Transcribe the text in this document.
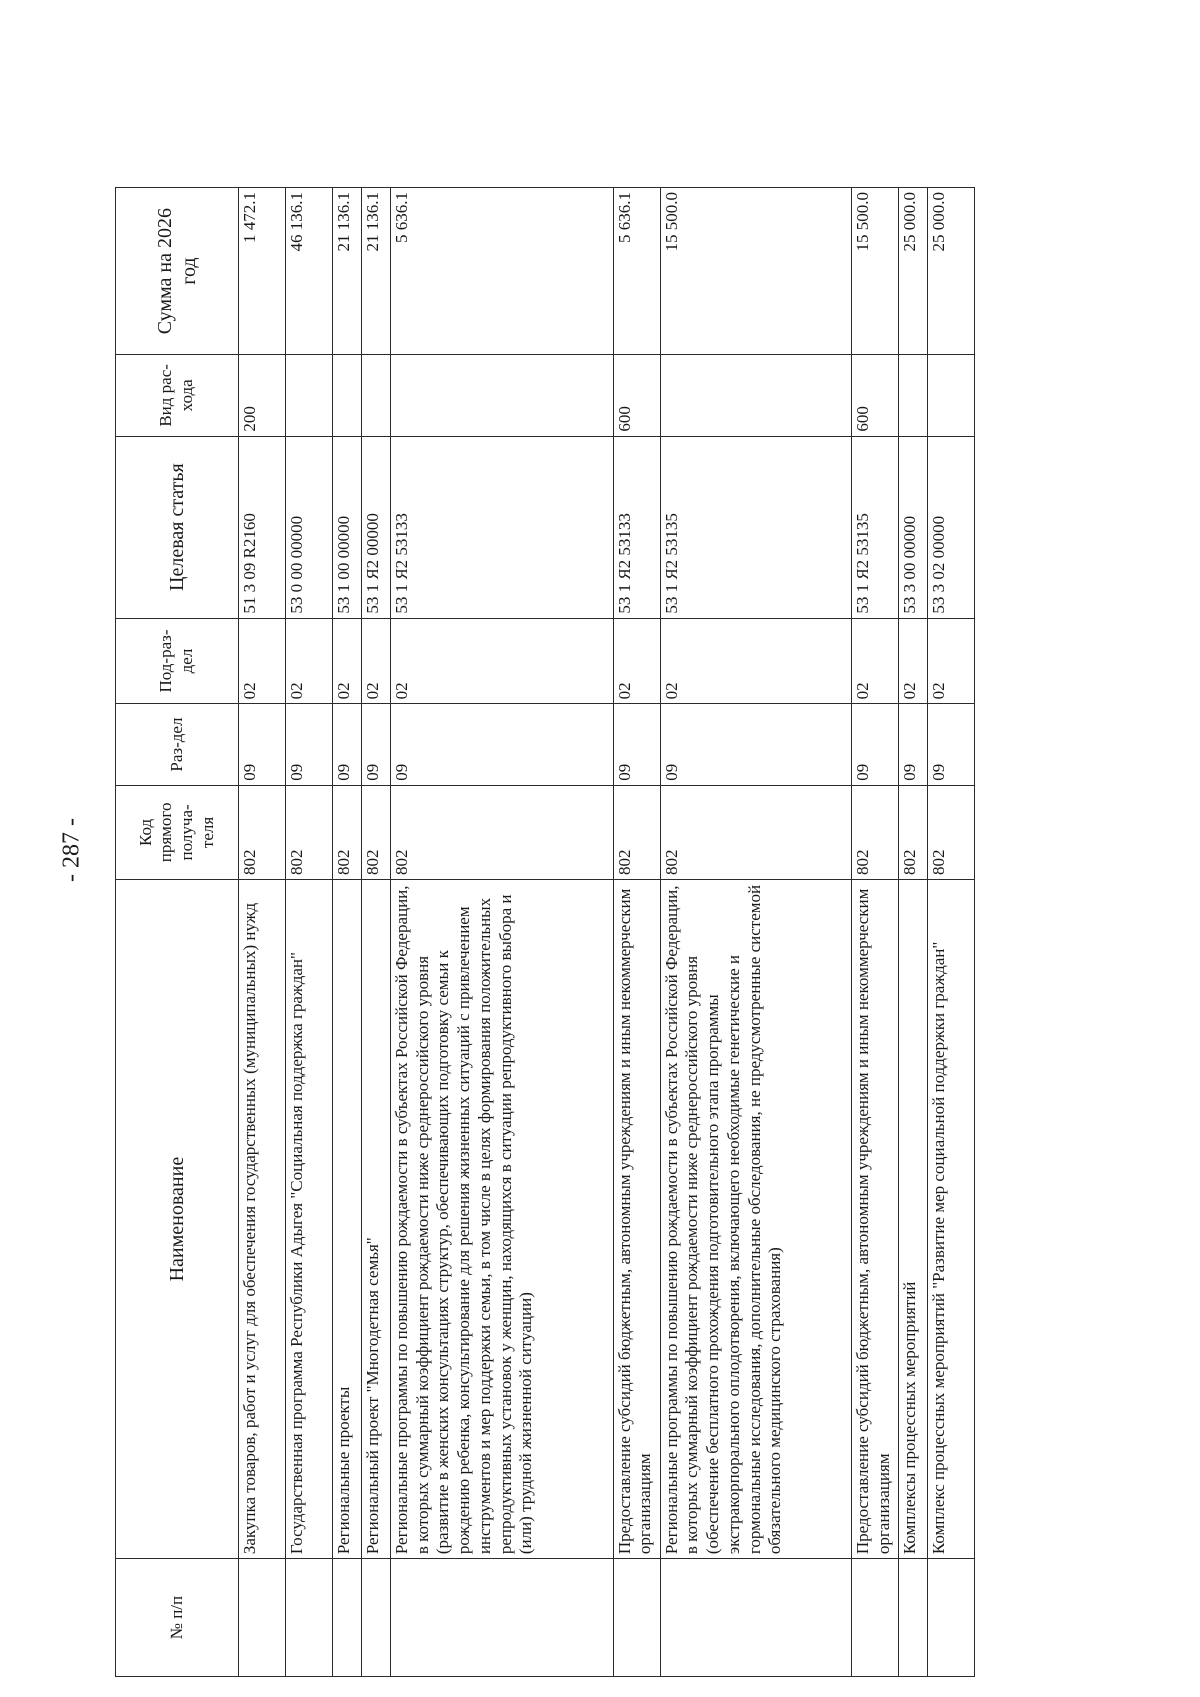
- 287 -
№ п/п	Наименование	Код прямого получа-теля	Раз-дел	Под-раз-дел	Целевая статья	Вид рас-хода	Сумма на 2026 год
	Закупка товаров, работ и услуг для обеспечения государственных (муниципальных) нужд	802	09	02	51 3 09 R2160	200	1 472.1
	Государственная программа Республики Адыгея "Социальная поддержка граждан"	802	09	02	53 0 00 00000		46 136.1
	Региональные проекты	802	09	02	53 1 00 00000		21 136.1
	Региональный проект "Многодетная семья"	802	09	02	53 1 Я2 00000		21 136.1
	Региональные программы по повышению рождаемости в субъектах Российской Федерации, в которых суммарный коэффициент рождаемости ниже среднероссийского уровня (развитие в женских консультациях структур, обеспечивающих подготовку семьи к рождению ребенка, консультирование для решения жизненных ситуаций с привлечением инструментов и мер поддержки семьи, в том числе в целях формирования положительных репродуктивных установок у женщин, находящихся в ситуации репродуктивного выбора и (или) трудной жизненной ситуации)	802	09	02	53 1 Я2 53133		5 636.1
	Предоставление субсидий бюджетным, автономным учреждениям и иным некоммерческим организациям	802	09	02	53 1 Я2 53133	600	5 636.1
	Региональные программы по повышению рождаемости в субъектах Российской Федерации, в которых суммарный коэффициент рождаемости ниже среднероссийского уровня (обеспечение бесплатного прохождения подготовительного этапа программы экстракорпорального оплодотворения, включающего необходимые генетические и гормональные исследования, дополнительные обследования, не предусмотренные системой обязательного медицинского страхования)	802	09	02	53 1 Я2 53135		15 500.0
	Предоставление субсидий бюджетным, автономным учреждениям и иным некоммерческим организациям	802	09	02	53 1 Я2 53135	600	15 500.0
	Комплексы процессных мероприятий	802	09	02	53 3 00 00000		25 000.0
	Комплекс процессных мероприятий "Развитие мер социальной поддержки граждан"	802	09	02	53 3 02 00000		25 000.0
